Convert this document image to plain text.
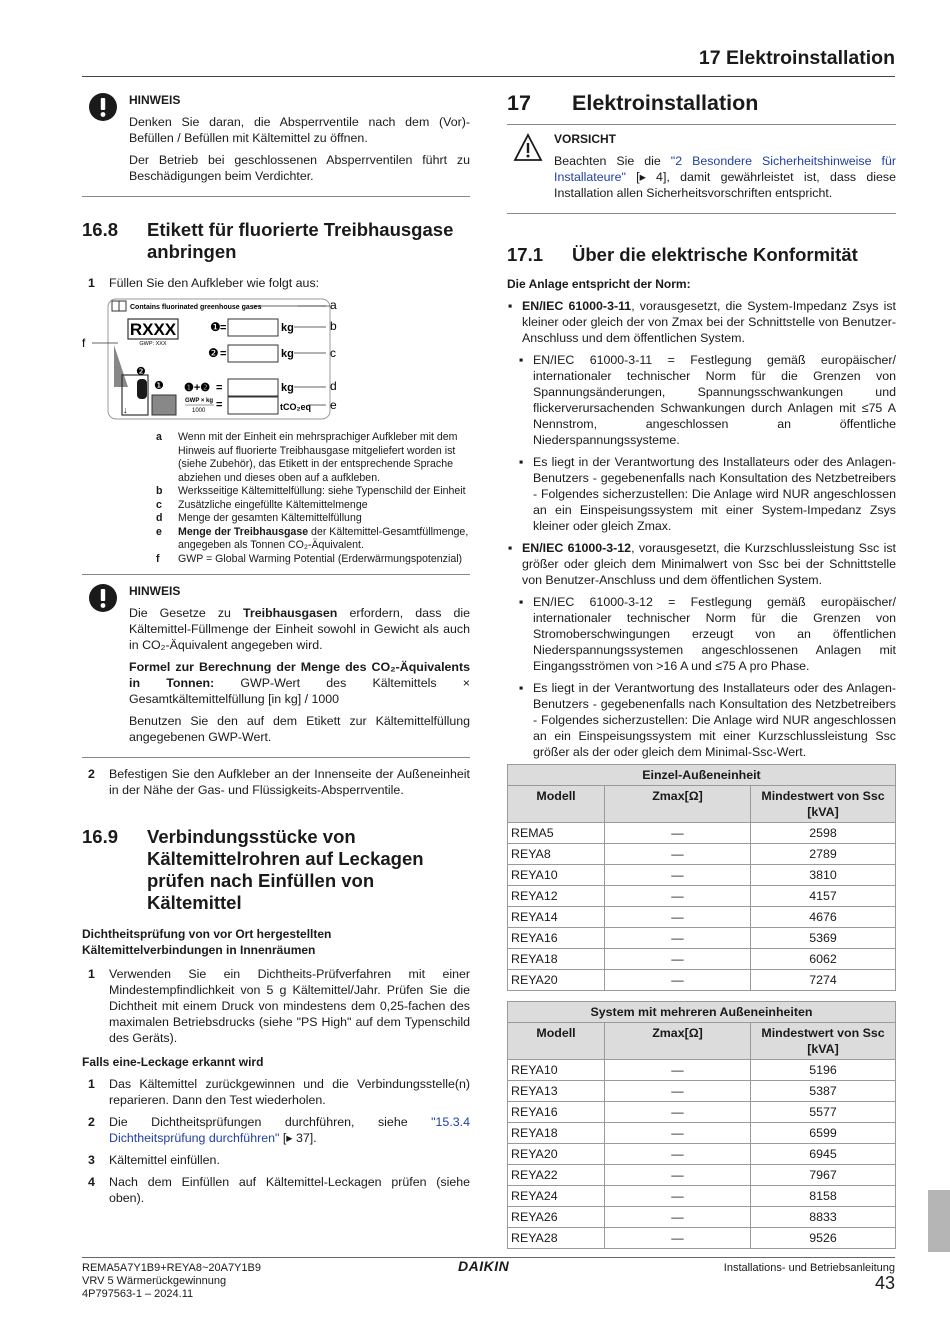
17 Elektroinstallation
HINWEIS

Denken Sie daran, die Absperrventile nach dem (Vor)-Befüllen / Befüllen mit Kältemittel zu öffnen.

Der Betrieb bei geschlossenen Absperrventilen führt zu Beschädigungen beim Verdichter.

16.8	Etikett für fluorierte Treibhausgase anbringen
1	Füllen Sie den Aufkleber wie folgt aus:
Contains fluorinated greenhouse gases
RXXX
GWP: XXX
❶ =	kg
❷ =	kg
❷
❶
↓
❶+❷ =	kg
GWP × kg
1000 =	tCO₂eq
a
b
c
d
e
f
a	Wenn mit der Einheit ein mehrsprachiger Aufkleber mit dem Hinweis auf fluorierte Treibhausgase mitgeliefert worden ist (siehe Zubehör), das Etikett in der entsprechende Sprache abziehen und dieses oben auf a aufkleben.
b	Werksseitige Kältemittelfüllung: siehe Typenschild der Einheit
c	Zusätzliche eingefüllte Kältemittelmenge
d	Menge der gesamten Kältemittelfüllung
e	Menge der Treibhausgase der Kältemittel-Gesamtfüllmenge, angegeben als Tonnen CO₂-Äquivalent.
f	GWP = Global Warming Potential (Erderwärmungspotenzial)
HINWEIS

Die Gesetze zu Treibhausgasen erfordern, dass die Kältemittel-Füllmenge der Einheit sowohl in Gewicht als auch in CO₂-Äquivalent angegeben wird.

Formel zur Berechnung der Menge des CO₂-Äquivalents in Tonnen: GWP-Wert des Kältemittels × Gesamtkältemittelfüllung [in kg] / 1000

Benutzen Sie den auf dem Etikett zur Kältemittelfüllung angegebenen GWP-Wert.

2	Befestigen Sie den Aufkleber an der Innenseite der Außeneinheit in der Nähe der Gas- und Flüssigkeits-Absperrventile.
16.9	Verbindungsstücke von Kältemittelrohren auf Leckagen prüfen nach Einfüllen von Kältemittel
Dichtheitsprüfung von vor Ort hergestellten Kältemittelverbindungen in Innenräumen
1	Verwenden Sie ein Dichtheits-Prüfverfahren mit einer Mindestempfindlichkeit von 5 g Kältemittel/Jahr. Prüfen Sie die Dichtheit mit einem Druck von mindestens dem 0,25-fachen des maximalen Betriebsdrucks (siehe "PS High" auf dem Typenschild des Geräts).
Falls eine-Leckage erkannt wird
1	Das Kältemittel zurückgewinnen und die Verbindungsstelle(n) reparieren. Dann den Test wiederholen.
2	Die Dichtheitsprüfungen durchführen, siehe "15.3.4 Dichtheitsprüfung durchführen" [▸ 37].
3	Kältemittel einfüllen.
4	Nach dem Einfüllen auf Kältemittel-Leckagen prüfen (siehe oben).
17	Elektroinstallation
VORSICHT

Beachten Sie die "2 Besondere Sicherheitshinweise für Installateure" [▸ 4], damit gewährleistet ist, dass diese Installation allen Sicherheitsvorschriften entspricht.

17.1	Über die elektrische Konformität
Die Anlage entspricht der Norm:
▪ EN/IEC 61000-3-11, vorausgesetzt, die System-Impedanz Zsys ist kleiner oder gleich der von Zmax bei der Schnittstelle von Benutzer-Anschluss und dem öffentlichen System.
▪ EN/IEC 61000-3-11 = Festlegung gemäß europäischer/ internationaler technischer Norm für die Grenzen von Spannungsänderungen, Spannungsschwankungen und flickerverursachenden Schwankungen durch Anlagen mit ≤75 A Nennstrom, angeschlossen an öffentliche Niederspannungssysteme.
▪ Es liegt in der Verantwortung des Installateurs oder des Anlagen-Benutzers - gegebenenfalls nach Konsultation des Netzbetreibers - Folgendes sicherzustellen: Die Anlage wird NUR angeschlossen an ein Einspeisungssystem mit einer System-Impedanz Zsys kleiner oder gleich Zmax.
▪ EN/IEC 61000-3-12, vorausgesetzt, die Kurzschlussleistung Ssc ist größer oder gleich dem Minimalwert von Ssc bei der Schnittstelle von Benutzer-Anschluss und dem öffentlichen System.
▪ EN/IEC 61000-3-12 = Festlegung gemäß europäischer/ internationaler technischer Norm für die Grenzen von Stromoberschwingungen erzeugt von an öffentlichen Niederspannungssystemen angeschlossenen Anlagen mit Eingangsströmen von >16 A und ≤75 A pro Phase.
▪ Es liegt in der Verantwortung des Installateurs oder des Anlagen-Benutzers - gegebenenfalls nach Konsultation des Netzbetreibers - Folgendes sicherzustellen: Die Anlage wird NUR angeschlossen an ein Einspeisungssystem mit einer Kurzschlussleistung Ssc größer als der oder gleich dem Minimal-Ssc-Wert.
Einzel-Außeneinheit		
Modell	Zmax[Ω]	Mindestwert von Ssc [kVA]
REMA5	—	2598
REYA8	—	2789
REYA10	—	3810
REYA12	—	4157
REYA14	—	4676
REYA16	—	5369
REYA18	—	6062
REYA20	—	7274
System mit mehreren Außeneinheiten		
Modell	Zmax[Ω]	Mindestwert von Ssc [kVA]
REYA10	—	5196
REYA13	—	5387
REYA16	—	5577
REYA18	—	6599
REYA20	—	6945
REYA22	—	7967
REYA24	—	8158
REYA26	—	8833
REYA28	—	9526
REMA5A7Y1B9+REYA8~20A7Y1B9
VRV 5 Wärmerückgewinnung
4P797563-1 – 2024.11
DAIKIN	Installations- und Betriebsanleitung
43
